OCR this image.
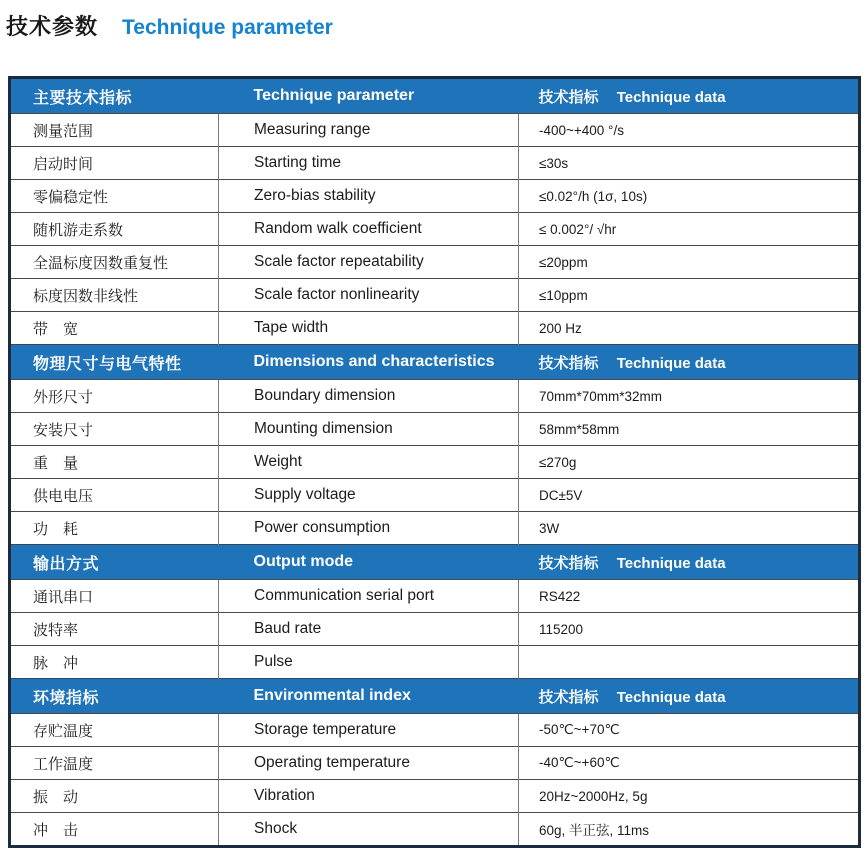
技术参数 Technique parameter
主要技术指标	Technique parameter	技术指标 Technique data
测量范围	Measuring range	-400~+400 °/s
启动时间	Starting time	≤30s
零偏稳定性	Zero-bias stability	≤0.02°/h (1σ, 10s)
随机游走系数	Random walk coefficient	≤ 0.002°/ √hr
全温标度因数重复性	Scale factor repeatability	≤20ppm
标度因数非线性	Scale factor nonlinearity	≤10ppm
带　宽	Tape width	200 Hz
物理尺寸与电气特性	Dimensions and characteristics	技术指标 Technique data
外形尺寸	Boundary dimension	70mm*70mm*32mm
安装尺寸	Mounting dimension	58mm*58mm
重　量	Weight	≤270g
供电电压	Supply voltage	DC±5V
功　耗	Power consumption	3W
输出方式	Output mode	技术指标 Technique data
通讯串口	Communication serial port	RS422
波特率	Baud rate	115200
脉　冲	Pulse	
环境指标	Environmental index	技术指标 Technique data
存贮温度	Storage temperature	-50℃~+70℃
工作温度	Operating temperature	-40℃~+60℃
振　动	Vibration	20Hz~2000Hz, 5g
冲　击	Shock	60g, 半正弦, 11ms
